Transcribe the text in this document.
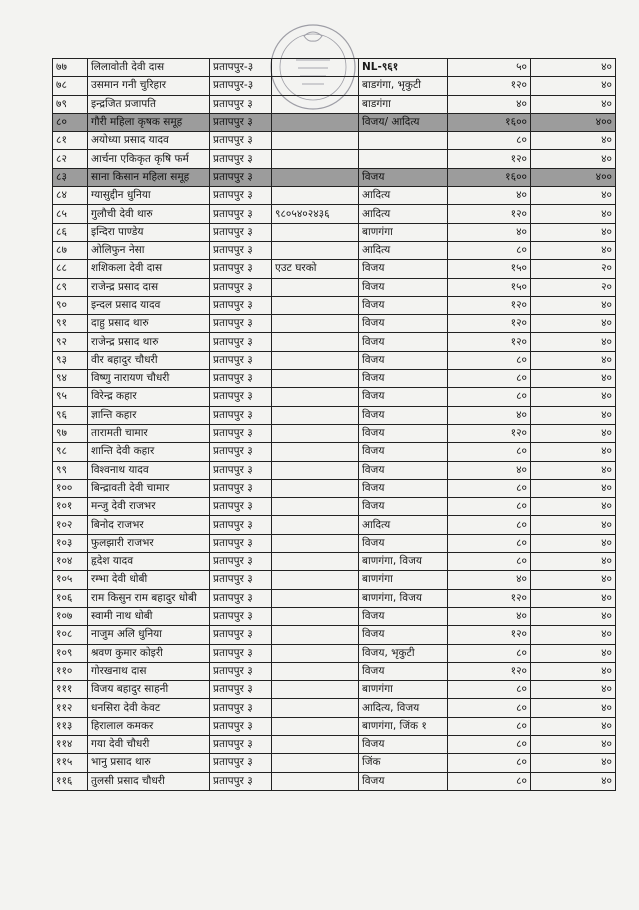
७७	लिलावोती देवी दास	प्रतापपुर-३		NL-९६१	५०	४०
७८	उसमान गनी चुरिहार	प्रतापपुर-३		बाडगंगा, भृकुटी	१२०	४०
७९	इन्द्रजित प्रजापति	प्रतापपुर ३		बाडगंगा	४०	४०
८०	गौरी महिला कृषक समूह	प्रतापपुर ३		विजय/ आदित्य	१६००	४००
८१	अयोध्या प्रसाद यादव	प्रतापपुर ३			८०	४०
८२	आर्चना एकिकृत कृषि फर्म	प्रतापपुर ३			१२०	४०
८३	साना किसान महिला समूह	प्रतापपुर ३		विजय	१६००	४००
८४	ग्यासुद्दीन धुनिया	प्रतापपुर ३		आदित्य	४०	४०
८५	गुलौची देवी थारु	प्रतापपुर ३	९८०५४०२४३६	आदित्य	१२०	४०
८६	इन्दिरा पाण्डेय	प्रतापपुर ३		बाणगंगा	४०	४०
८७	ओलिफुन नेसा	प्रतापपुर ३		आदित्य	८०	४०
८८	शशिकला देवी दास	प्रतापपुर ३	एउट घरको	विजय	१५०	२०
८९	राजेन्द्र प्रसाद दास	प्रतापपुर ३		विजय	१५०	२०
९०	इन्दल प्रसाद यादव	प्रतापपुर ३		विजय	१२०	४०
९१	दाहु प्रसाद थारु	प्रतापपुर ३		विजय	१२०	४०
९२	राजेन्द्र प्रसाद थारु	प्रतापपुर ३		विजय	१२०	४०
९३	वीर बहादुर चौधरी	प्रतापपुर ३		विजय	८०	४०
९४	विष्णु नारायण चौधरी	प्रतापपुर ३		विजय	८०	४०
९५	विरेन्द्र कहार	प्रतापपुर ३		विजय	८०	४०
९६	ज्ञान्ति कहार	प्रतापपुर ३		विजय	४०	४०
९७	तारामती चामार	प्रतापपुर ३		विजय	१२०	४०
९८	शान्ति देवी कहार	प्रतापपुर ३		विजय	८०	४०
९९	विश्वनाथ यादव	प्रतापपुर ३		विजय	४०	४०
१००	बिन्द्रावती देवी चामार	प्रतापपुर ३		विजय	८०	४०
१०१	मन्जु देवी राजभर	प्रतापपुर ३		विजय	८०	४०
१०२	बिनोद राजभर	प्रतापपुर ३		आदित्य	८०	४०
१०३	फुलझारी राजभर	प्रतापपुर ३		विजय	८०	४०
१०४	हृदेश यादव	प्रतापपुर ३		बाणगंगा, विजय	८०	४०
१०५	रम्भा देवी धोबी	प्रतापपुर ३		बाणगंगा	४०	४०
१०६	राम किसुन राम बहादुर धोबी	प्रतापपुर ३		बाणगंगा, विजय	१२०	४०
१०७	स्वामी नाथ धोबी	प्रतापपुर ३		विजय	४०	४०
१०८	नाजुम अलि धुनिया	प्रतापपुर ३		विजय	१२०	४०
१०९	श्रवण कुमार कोइरी	प्रतापपुर ३		विजय, भृकुटी	८०	४०
११०	गोरखनाथ दास	प्रतापपुर ३		विजय	१२०	४०
१११	विजय बहादुर साहनी	प्रतापपुर ३		बाणगंगा	८०	४०
११२	धनसिरा देवी केवट	प्रतापपुर ३		आदित्य, विजय	८०	४०
११३	हिरालाल कमकर	प्रतापपुर ३		बाणगंगा, जिंक १	८०	४०
११४	गया देवी चौधरी	प्रतापपुर ३		विजय	८०	४०
११५	भानु प्रसाद थारु	प्रतापपुर ३		जिंक	८०	४०
११६	तुलसी प्रसाद चौधरी	प्रतापपुर ३		विजय	८०	४०
